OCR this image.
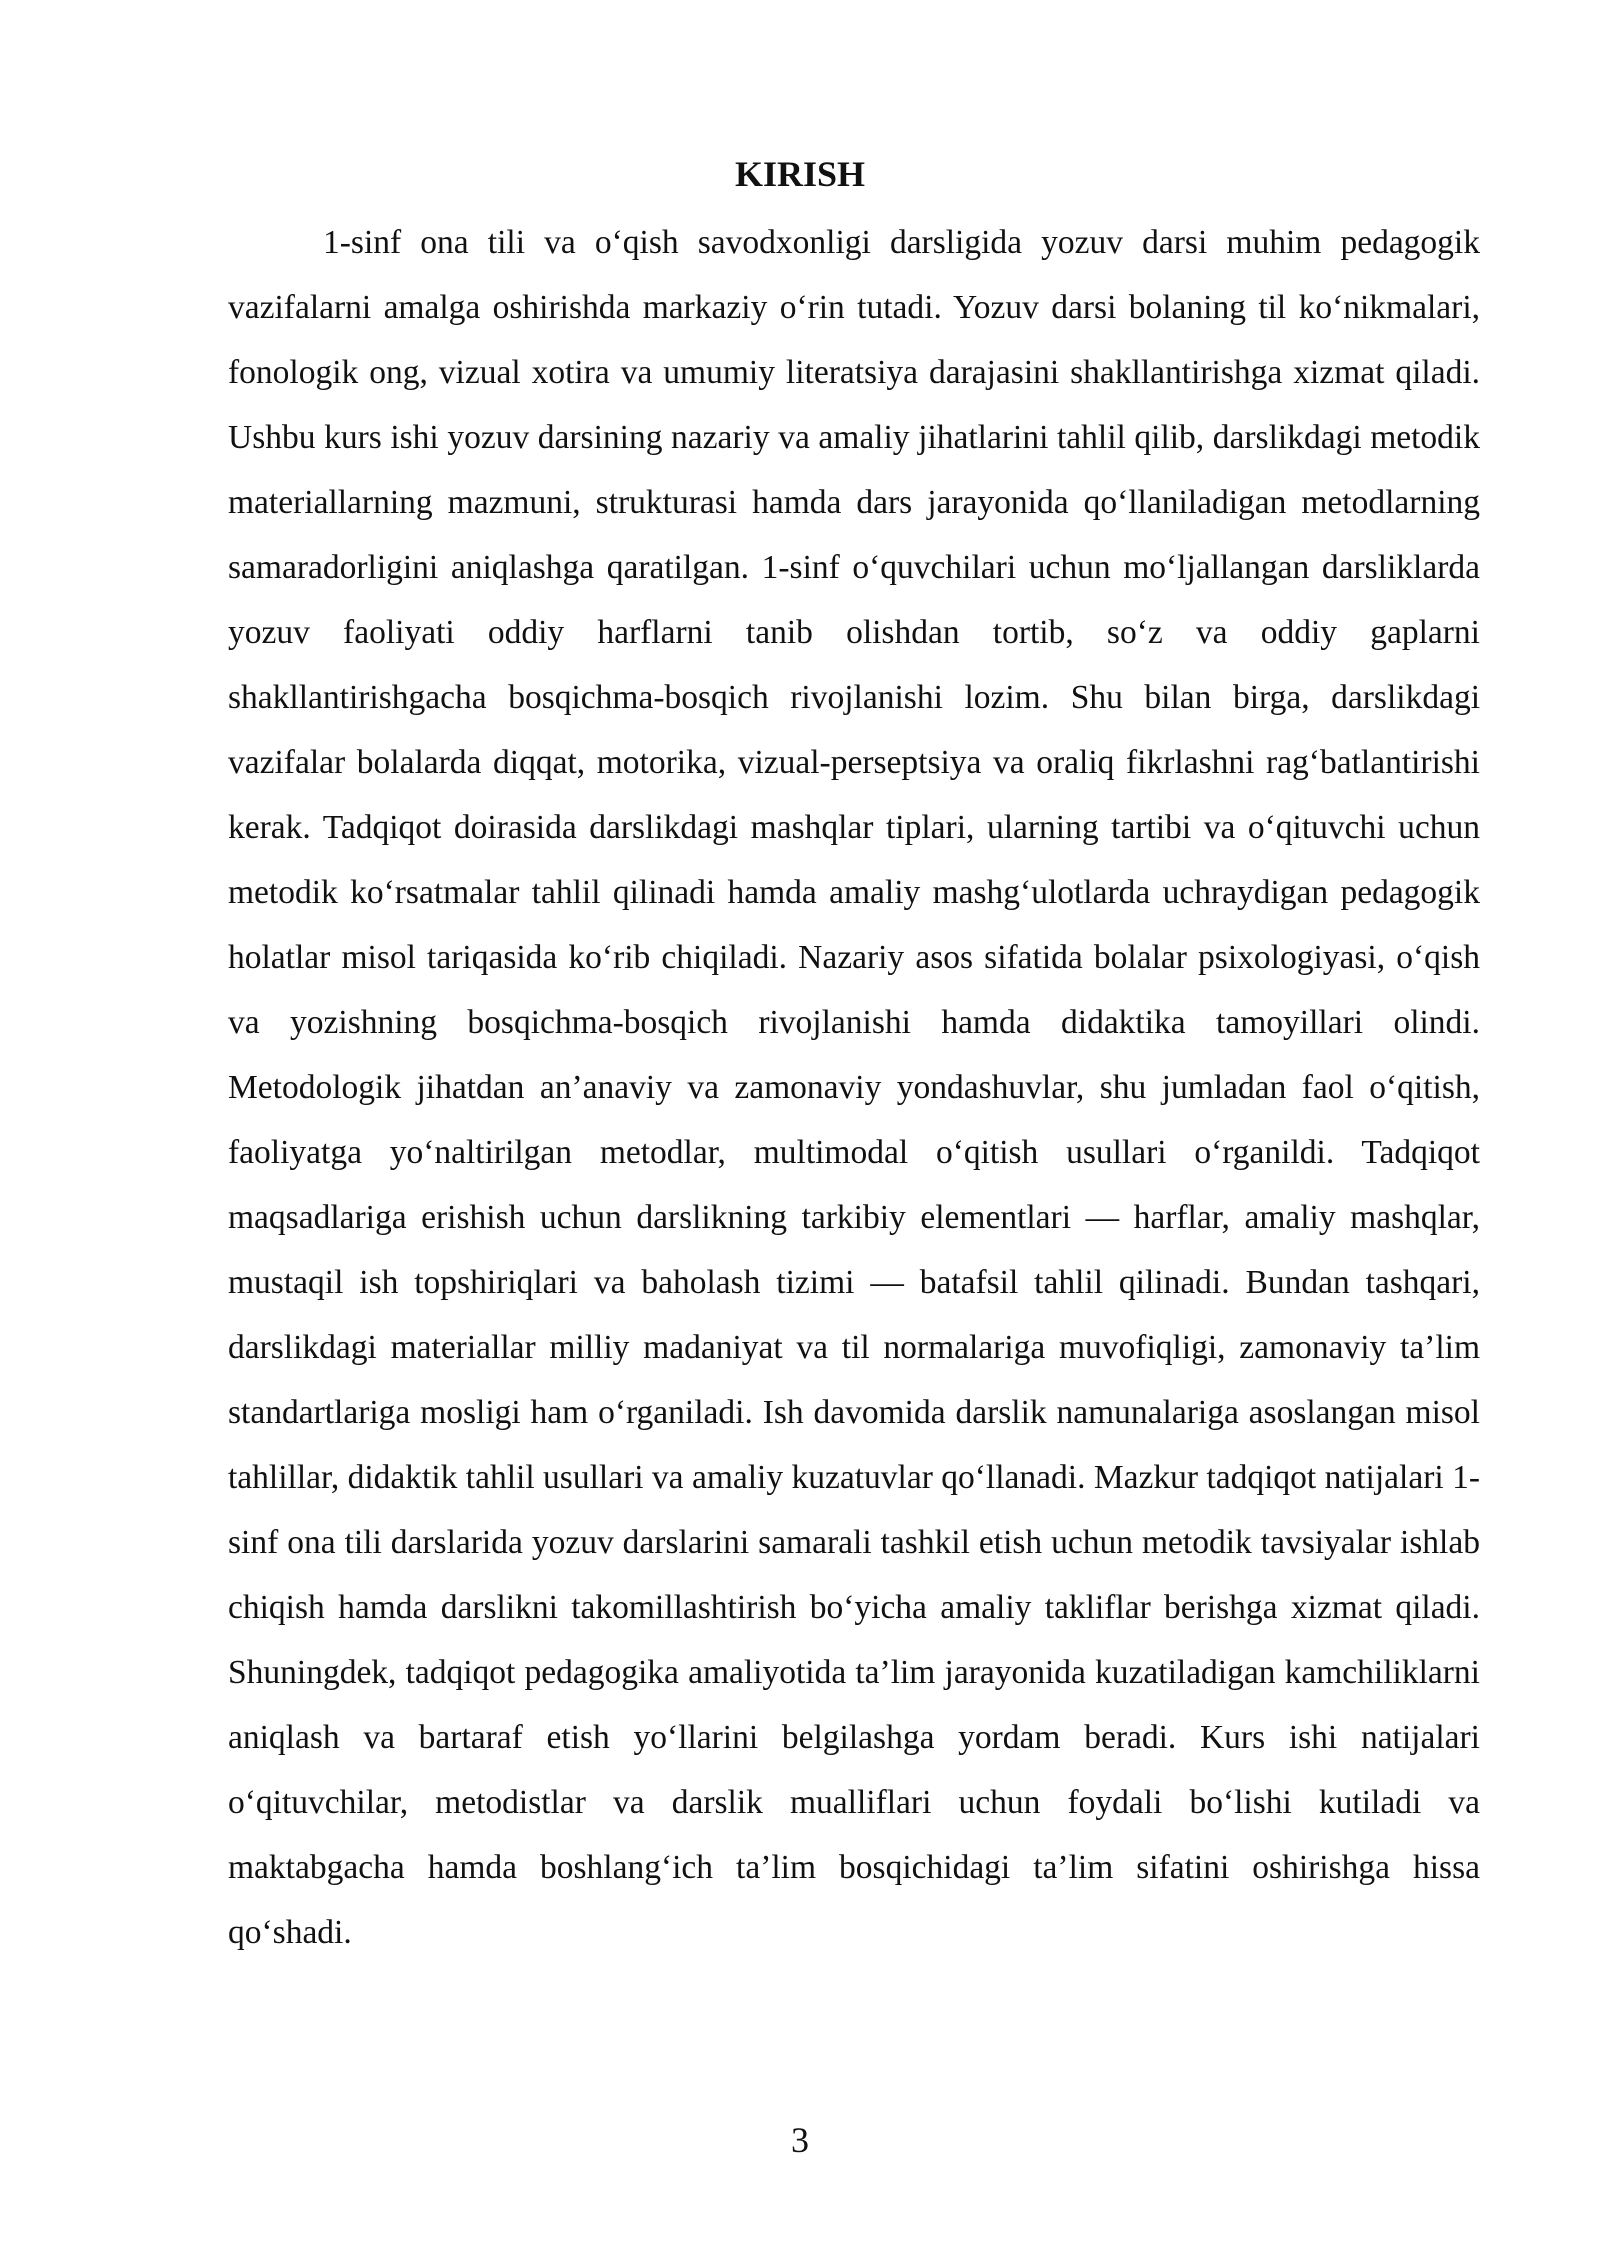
KIRISH

1-sinf ona tili va o‘qish savodxonligi darsligida yozuv darsi muhim pedagogik vazifalarni amalga oshirishda markaziy o‘rin tutadi. Yozuv darsi bolaning til ko‘nikmalari, fonologik ong, vizual xotira va umumiy literatsiya darajasini shakllantirishga xizmat qiladi. Ushbu kurs ishi yozuv darsining nazariy va amaliy jihatlarini tahlil qilib, darslikdagi metodik materiallarning mazmuni, strukturasi hamda dars jarayonida qo‘llaniladigan metodlarning samaradorligini aniqlashga qaratilgan. 1-sinf o‘quvchilari uchun mo‘ljallangan darsliklarda yozuv faoliyati oddiy harflarni tanib olishdan tortib, so‘z va oddiy gaplarni shakllantirishgacha bosqichma-bosqich rivojlanishi lozim. Shu bilan birga, darslikdagi vazifalar bolalarda diqqat, motorika, vizual-perseptsiya va oraliq fikrlashni rag‘batlantirishi kerak. Tadqiqot doirasida darslikdagi mashqlar tiplari, ularning tartibi va o‘qituvchi uchun metodik ko‘rsatmalar tahlil qilinadi hamda amaliy mashg‘ulotlarda uchraydigan pedagogik holatlar misol tariqasida ko‘rib chiqiladi. Nazariy asos sifatida bolalar psixologiyasi, o‘qish va yozishning bosqichma-bosqich rivojlanishi hamda didaktika tamoyillari olindi. Metodologik jihatdan an’anaviy va zamonaviy yondashuvlar, shu jumladan faol o‘qitish, faoliyatga yo‘naltirilgan metodlar, multimodal o‘qitish usullari o‘rganildi. Tadqiqot maqsadlariga erishish uchun darslikning tarkibiy elementlari — harflar, amaliy mashqlar, mustaqil ish topshiriqlari va baholash tizimi — batafsil tahlil qilinadi. Bundan tashqari, darslikdagi materiallar milliy madaniyat va til normalariga muvofiqligi, zamonaviy ta’lim standartlariga mosligi ham o‘rganiladi. Ish davomida darslik namunalariga asoslangan misol tahlillar, didaktik tahlil usullari va amaliy kuzatuvlar qo‘llanadi. Mazkur tadqiqot natijalari 1-sinf ona tili darslarida yozuv darslarini samarali tashkil etish uchun metodik tavsiyalar ishlab chiqish hamda darslikni takomillashtirish bo‘yicha amaliy takliflar berishga xizmat qiladi. Shuningdek, tadqiqot pedagogika amaliyotida ta’lim jarayonida kuzatiladigan kamchiliklarni aniqlash va bartaraf etish yo‘llarini belgilashga yordam beradi. Kurs ishi natijalari o‘qituvchilar, metodistlar va darslik mualliflari uchun foydali bo‘lishi kutiladi va maktabgacha hamda boshlang‘ich ta’lim bosqichidagi ta’lim sifatini oshirishga hissa qo‘shadi.

3
